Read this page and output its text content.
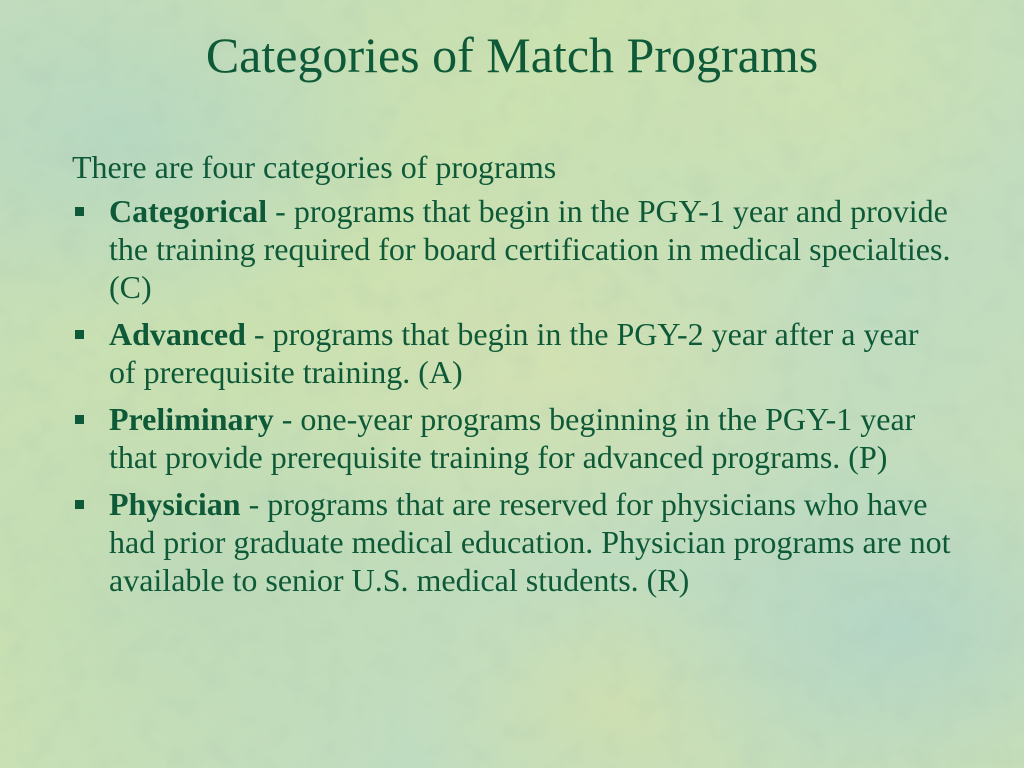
Categories of Match Programs

There are four categories of programs

Categorical - programs that begin in the PGY-1 year and provide the training required for board certification in medical specialties. (C)
Advanced - programs that begin in the PGY-2 year after a year of prerequisite training. (A)
Preliminary - one-year programs beginning in the PGY-1 year that provide prerequisite training for advanced programs. (P)
Physician - programs that are reserved for physicians who have had prior graduate medical education. Physician programs are not available to senior U.S. medical students. (R)
